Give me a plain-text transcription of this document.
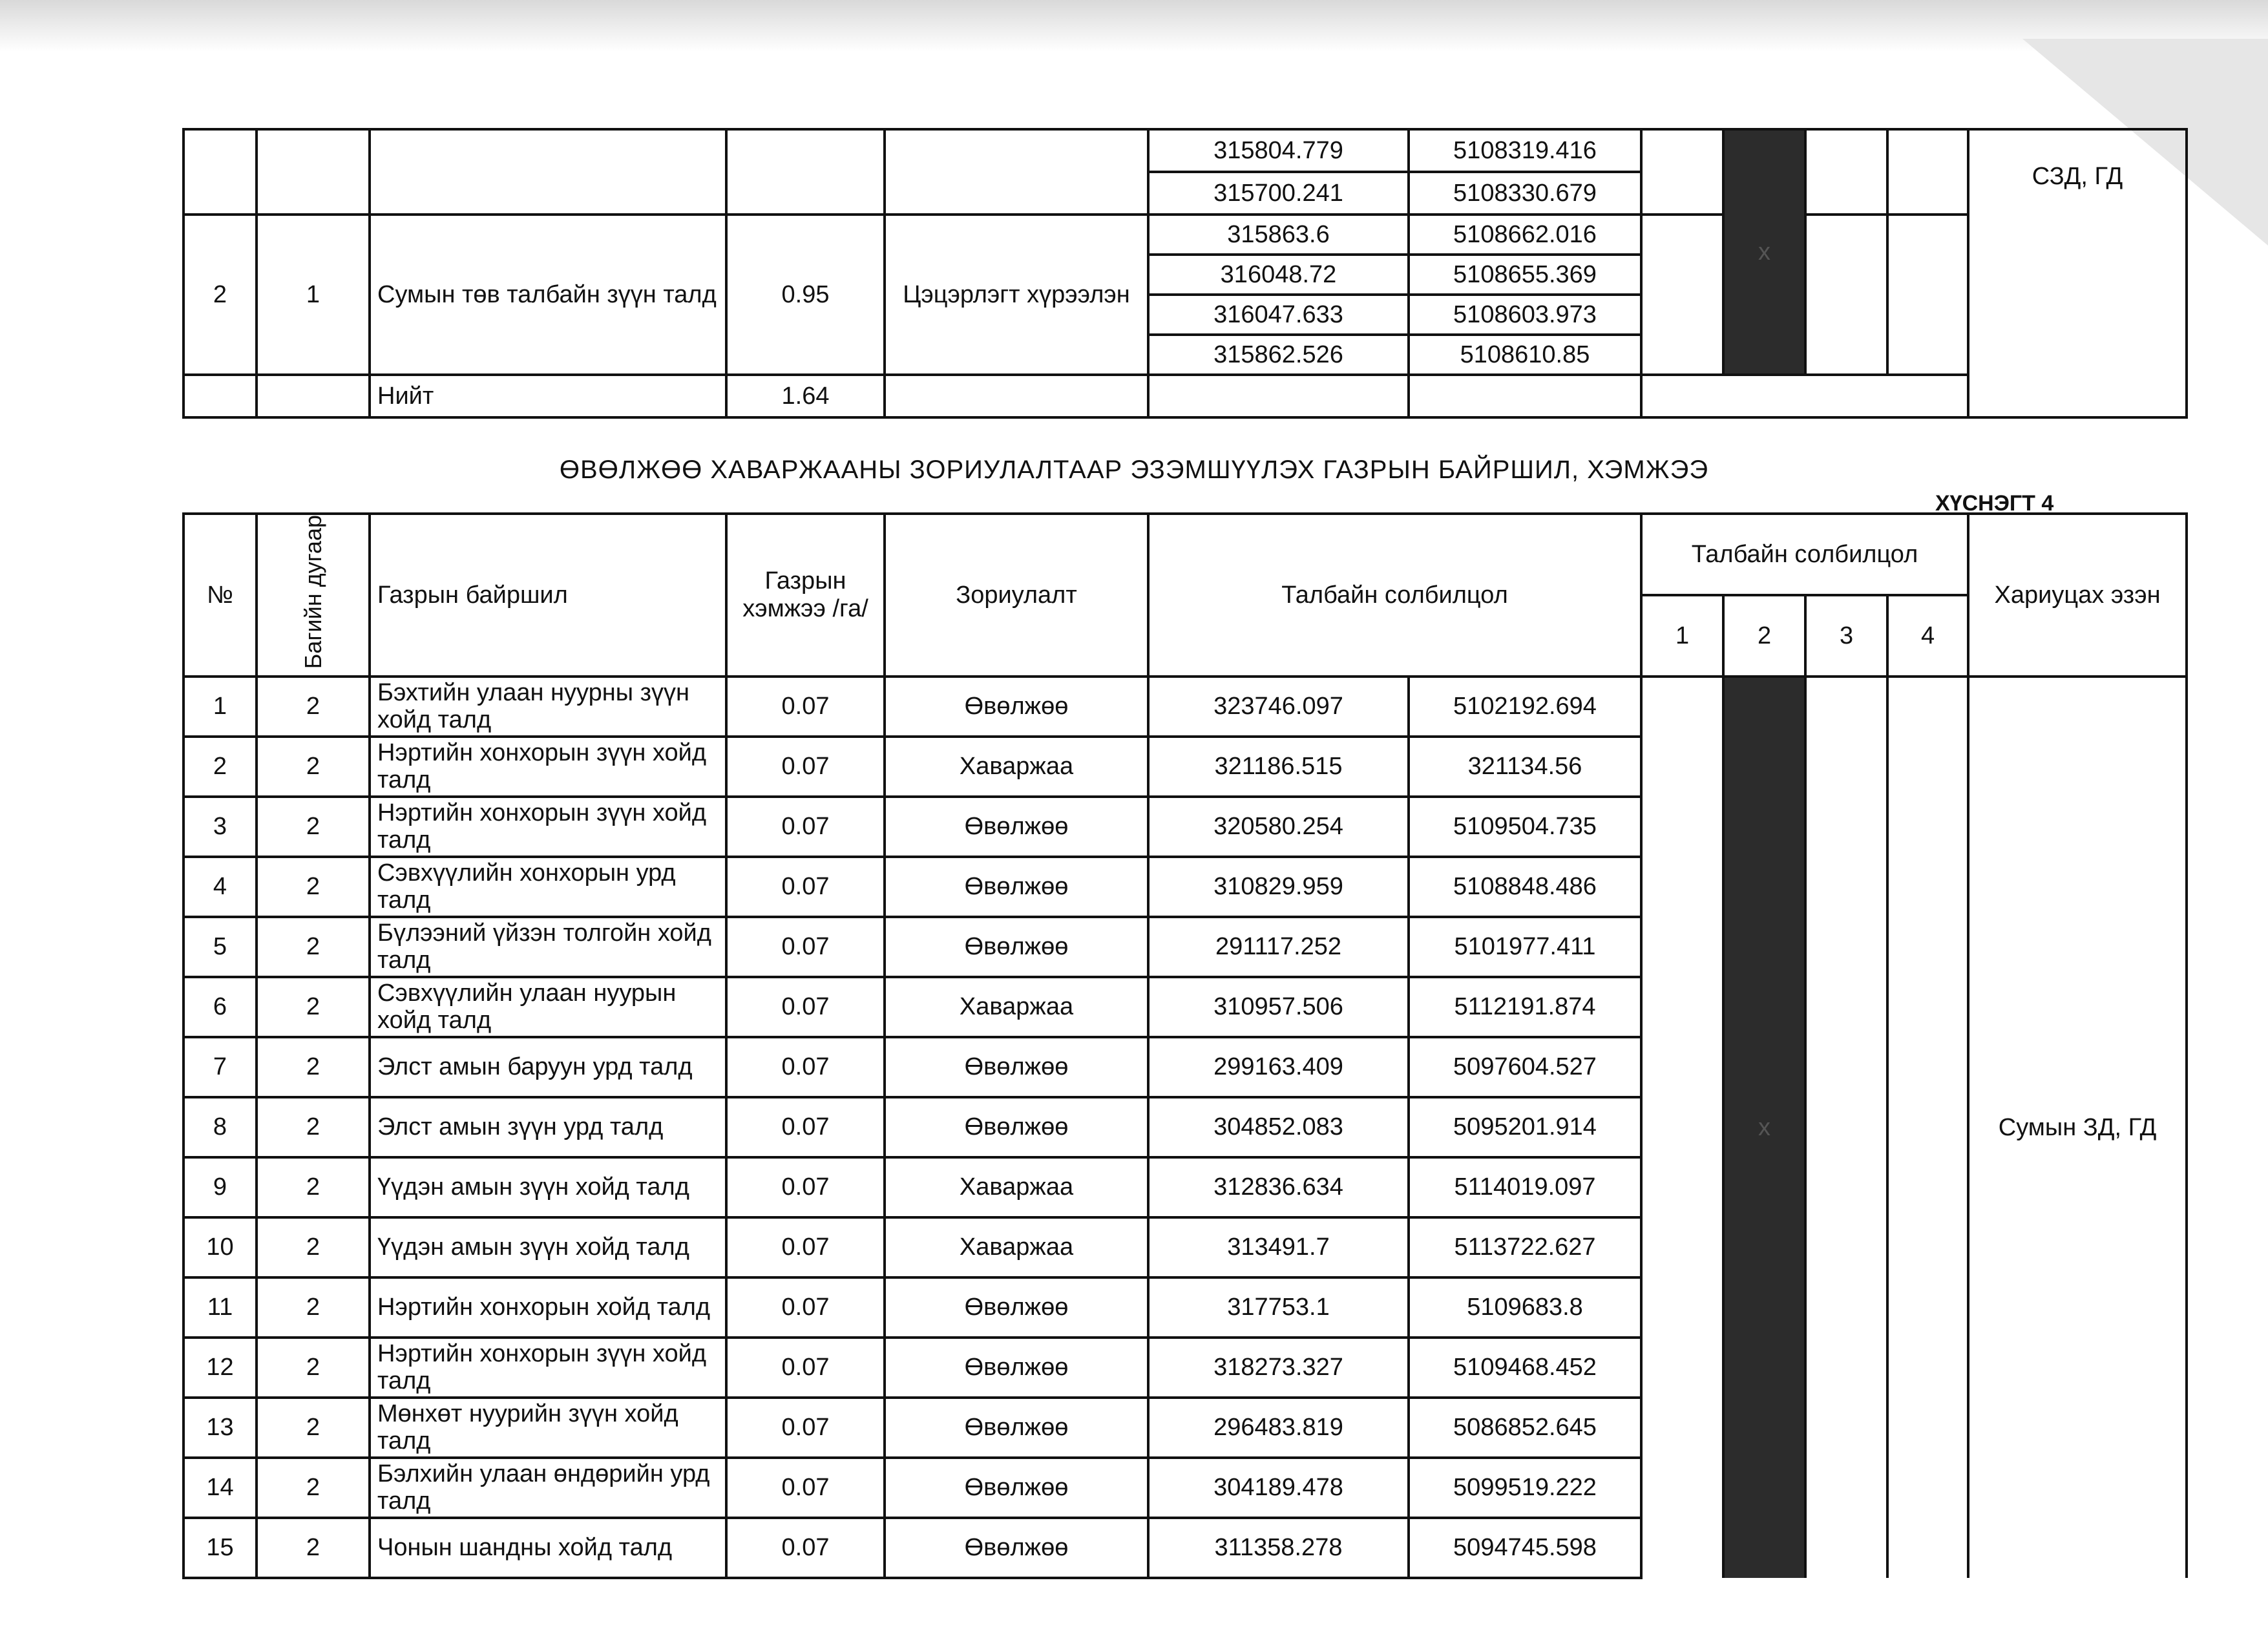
					315804.779	5108319.416		x			СЗД, ГД
					315700.241	5108330.679					
2	1	Сумын төв талбайн зүүн талд	0.95	Цэцэрлэгт хүрээлэн	315863.6	5108662.016					
					316048.72	5108655.369					
					316047.633	5108603.973					
					315862.526	5108610.85					
		Нийт	1.64								
ӨВӨЛЖӨӨ ХАВАРЖААНЫ ЗОРИУЛАЛТААР ЭЗЭМШҮҮЛЭХ ГАЗРЫН БАЙРШИЛ, ХЭМЖЭЭ
ХҮСНЭГТ 4
№	Багийн дугаар	Газрын байршил	Газрын хэмжээ /га/	Зориулалт	Талбайн солбилцол		Талбайн солбилцол				Хариуцах эзэн
							1	2	3	4	
1	2	Бэхтийн улаан нуурны зүүн хойд талд	0.07	Өвөлжөө	323746.097	5102192.694		x			Сумын ЗД, ГД
2	2	Нэртийн хонхорын зүүн хойд талд	0.07	Хаваржаа	321186.515	321134.56					
3	2	Нэртийн хонхорын зүүн хойд талд	0.07	Өвөлжөө	320580.254	5109504.735					
4	2	Сэвхүүлийн хонхорын урд талд	0.07	Өвөлжөө	310829.959	5108848.486					
5	2	Бүлээний үйзэн толгойн хойд талд	0.07	Өвөлжөө	291117.252	5101977.411					
6	2	Сэвхүүлийн улаан нуурын хойд талд	0.07	Хаваржаа	310957.506	5112191.874					
7	2	Элст амын баруун урд талд	0.07	Өвөлжөө	299163.409	5097604.527					
8	2	Элст амын зүүн урд талд	0.07	Өвөлжөө	304852.083	5095201.914					
9	2	Үүдэн амын зүүн хойд талд	0.07	Хаваржаа	312836.634	5114019.097					
10	2	Үүдэн амын зүүн хойд талд	0.07	Хаваржаа	313491.7	5113722.627					
11	2	Нэртийн хонхорын хойд талд	0.07	Өвөлжөө	317753.1	5109683.8					
12	2	Нэртийн хонхорын зүүн хойд талд	0.07	Өвөлжөө	318273.327	5109468.452					
13	2	Мөнхөт нуурийн зүүн хойд талд	0.07	Өвөлжөө	296483.819	5086852.645					
14	2	Бэлхийн улаан өндөрийн урд талд	0.07	Өвөлжөө	304189.478	5099519.222					
15	2	Чонын шандны хойд талд	0.07	Өвөлжөө	311358.278	5094745.598					
